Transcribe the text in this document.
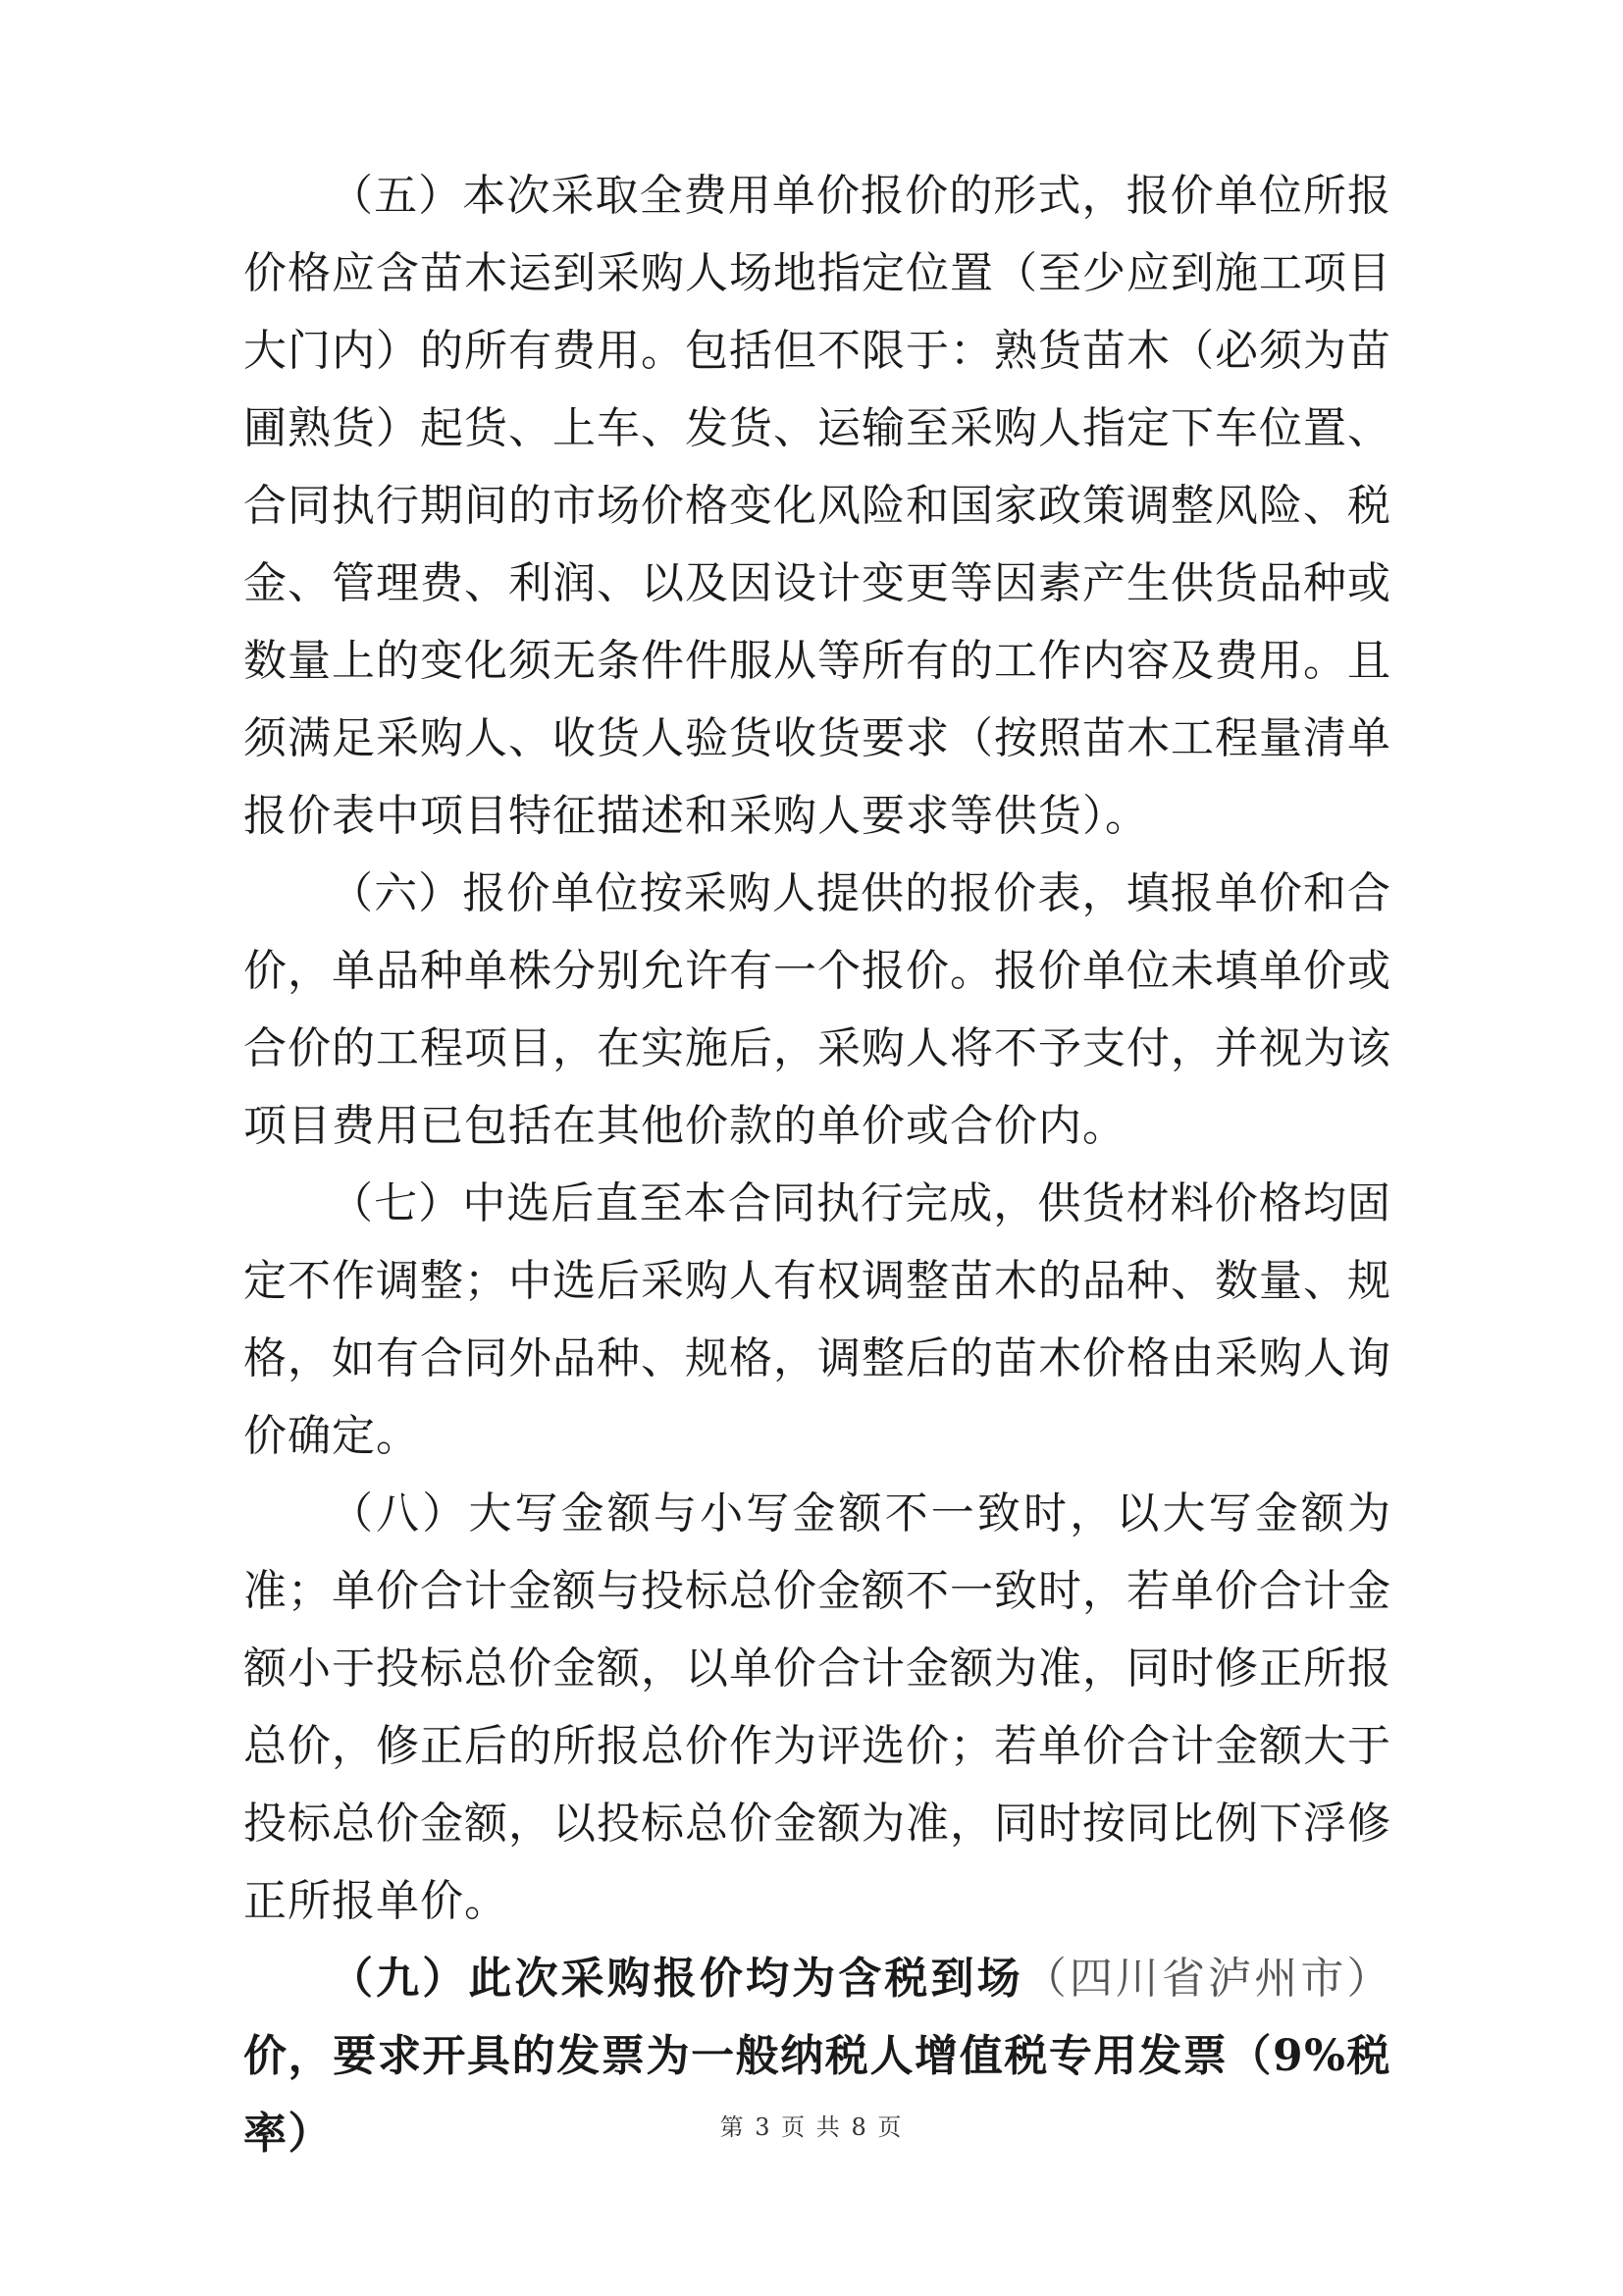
（五）本次采取全费用单价报价的形式，报价单位所报价格应含苗木运到采购人场地指定位置（至少应到施工项目大门内）的所有费用。包括但不限于：熟货苗木（必须为苗圃熟货）起货、上车、发货、运输至采购人指定下车位置、合同执行期间的市场价格变化风险和国家政策调整风险、税金、管理费、利润、以及因设计变更等因素产生供货品种或数量上的变化须无条件件服从等所有的工作内容及费用。且须满足采购人、收货人验货收货要求（按照苗木工程量清单报价表中项目特征描述和采购人要求等供货）。

（六）报价单位按采购人提供的报价表，填报单价和合价，单品种单株分别允许有一个报价。报价单位未填单价或合价的工程项目，在实施后，采购人将不予支付，并视为该项目费用已包括在其他价款的单价或合价内。

（七）中选后直至本合同执行完成，供货材料价格均固定不作调整；中选后采购人有权调整苗木的品种、数量、规格，如有合同外品种、规格，调整后的苗木价格由采购人询价确定。

（八）大写金额与小写金额不一致时，以大写金额为准；单价合计金额与投标总价金额不一致时，若单价合计金额小于投标总价金额，以单价合计金额为准，同时修正所报总价，修正后的所报总价作为评选价；若单价合计金额大于投标总价金额，以投标总价金额为准，同时按同比例下浮修正所报单价。

（九）此次采购报价均为含税到场（四川省泸州市）价，要求开具的发票为一般纳税人增值税专用发票（9%税率）	第 3 页 共 8 页
